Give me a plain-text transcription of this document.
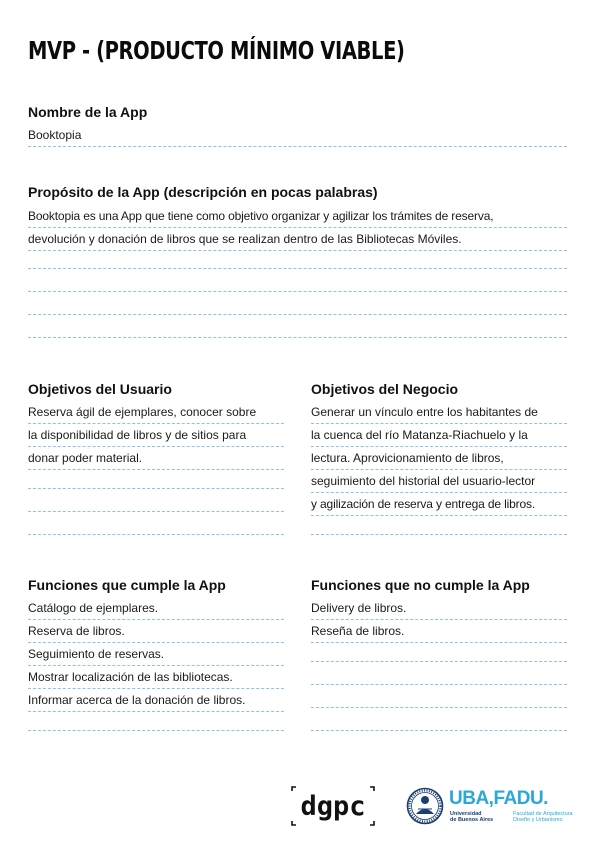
MVP - (PRODUCTO MÍNIMO VIABLE)
Nombre de la App
Booktopia
Propósito de la App (descripción en pocas palabras)
Booktopia es una App que tiene como objetivo organizar y agilizar los trámites de reserva,
devolución y donación de libros que se realizan dentro de las Bibliotecas Móviles.
Objetivos del Usuario
Reserva ágil de ejemplares, conocer sobre
la disponibilidad de libros y de sitios para
donar poder material.
Objetivos del Negocio
Generar un vínculo entre los habitantes de
la cuenca del río Matanza-Riachuelo y la
lectura. Aprovicionamiento de libros,
seguimiento del historial del usuario-lector
y agilización de reserva y entrega de libros.
Funciones que cumple la App
Catálogo de ejemplares.
Reserva de libros.
Seguimiento de reservas.
Mostrar localización de las bibliotecas.
Informar acerca de la donación de libros.
Funciones que no cumple la App
Delivery de libros.
Reseña de libros.
dgpc	UBA,FADU.
Universidad
de Buenos Aires
Facultad de Arquitectura
Diseño y Urbanismo
